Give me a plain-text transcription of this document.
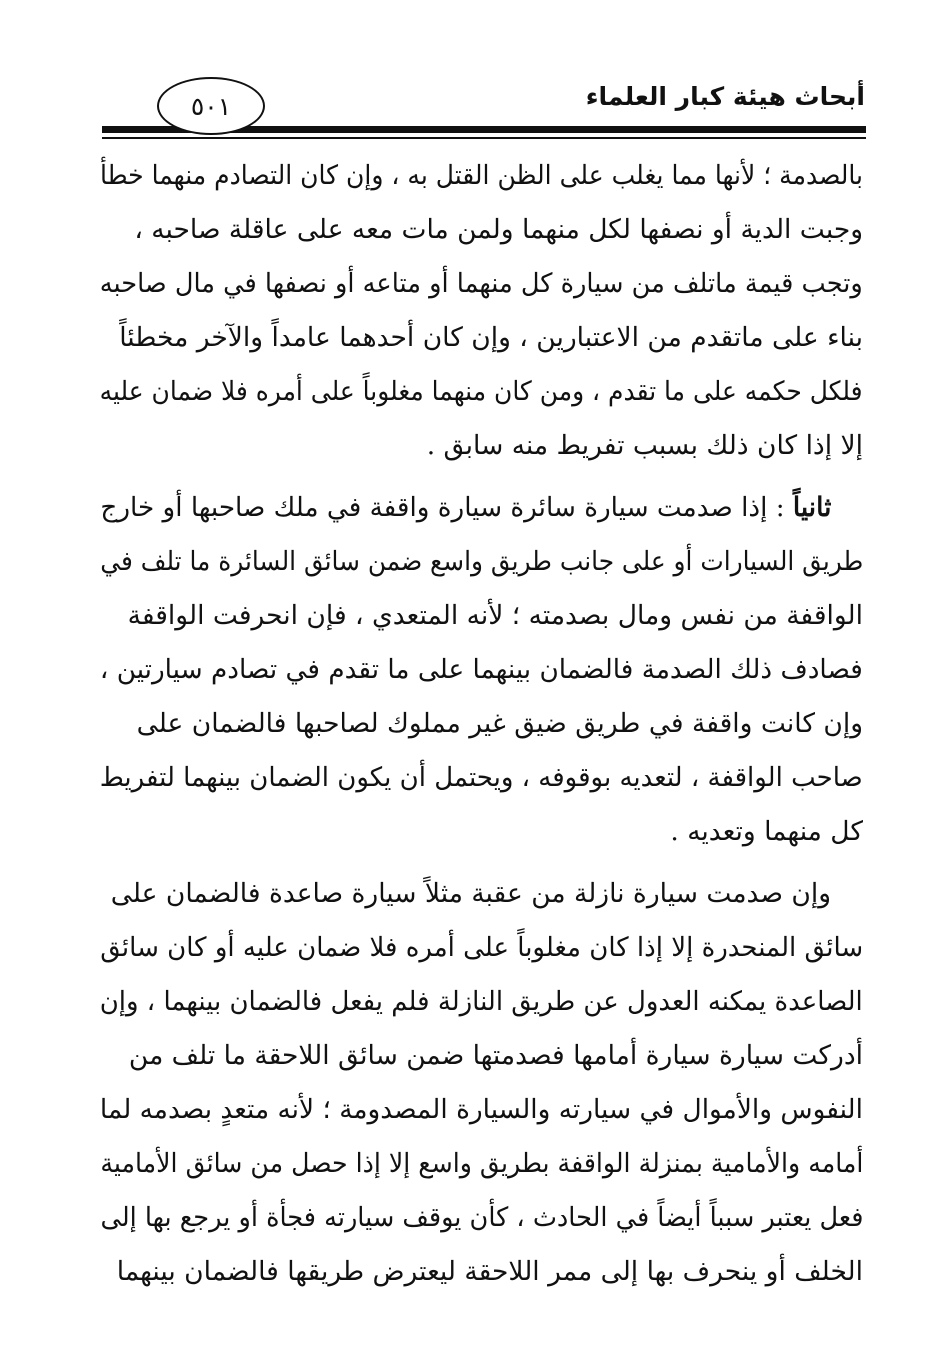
أبحاث هيئة كبار العلماء
٥٠١
بالصدمة ؛ لأنها مما يغلب على الظن القتل به ، وإن كان التصادم منهما خطأ
وجبت الدية أو نصفها لكل منهما ولمن مات معه على عاقلة صاحبه ،
وتجب قيمة ماتلف من سيارة كل منهما أو متاعه أو نصفها في مال صاحبه
بناء على ماتقدم من الاعتبارين ، وإن كان أحدهما عامداً والآخر مخطئاً
فلكل حكمه على ما تقدم ، ومن كان منهما مغلوباً على أمره فلا ضمان عليه
إلا إذا كان ذلك بسبب تفريط منه سابق .
ثانياً : إذا صدمت سيارة سائرة سيارة واقفة في ملك صاحبها أو خارج
طريق السيارات أو على جانب طريق واسع ضمن سائق السائرة ما تلف في
الواقفة من نفس ومال بصدمته ؛ لأنه المتعدي ، فإن انحرفت الواقفة
فصادف ذلك الصدمة فالضمان بينهما على ما تقدم في تصادم سيارتين ،
وإن كانت واقفة في طريق ضيق غير مملوك لصاحبها فالضمان على
صاحب الواقفة ، لتعديه بوقوفه ، ويحتمل أن يكون الضمان بينهما لتفريط
كل منهما وتعديه .
وإن صدمت سيارة نازلة من عقبة مثلاً سيارة صاعدة فالضمان على
سائق المنحدرة إلا إذا كان مغلوباً على أمره فلا ضمان عليه أو كان سائق
الصاعدة يمكنه العدول عن طريق النازلة فلم يفعل فالضمان بينهما ، وإن
أدركت سيارة سيارة أمامها فصدمتها ضمن سائق اللاحقة ما تلف من
النفوس والأموال في سيارته والسيارة المصدومة ؛ لأنه متعدٍ بصدمه لما
أمامه والأمامية بمنزلة الواقفة بطريق واسع إلا إذا حصل من سائق الأمامية
فعل يعتبر سبباً أيضاً في الحادث ، كأن يوقف سيارته فجأة أو يرجع بها إلى
الخلف أو ينحرف بها إلى ممر اللاحقة ليعترض طريقها فالضمان بينهما
